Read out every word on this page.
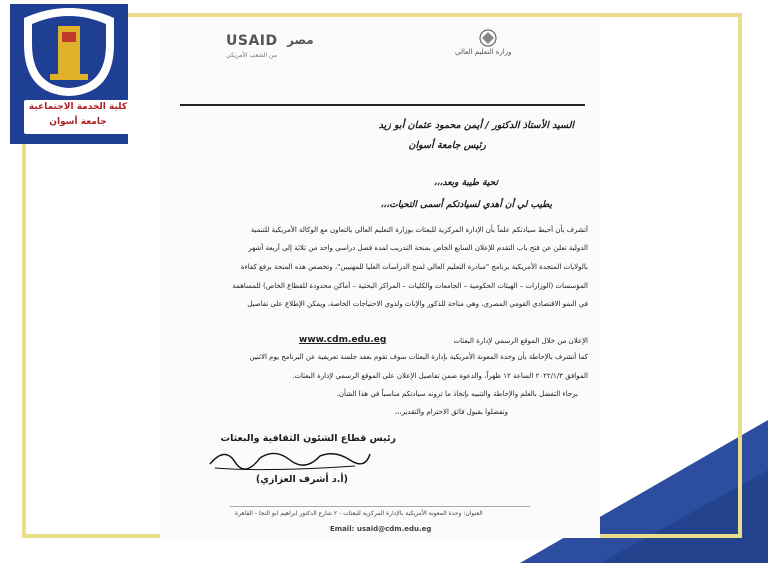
كلية الخدمة الاجتماعية
جامعة أسوان
USAID مصر
من الشعب الأمريكي	وزارة التعليم العالي
السيد الأستاذ الدكتور / أيمن محمود عثمان أبو زيد
رئيس جامعة أسوان
تحية طيبة وبعد،،،
يطيب لي أن أهدي لسيادتكم أسمى التحيات،،،
أتشرف بأن أحيط سيادتكم علماً بأن الإدارة المركزية للبعثات بوزارة التعليم العالي بالتعاون مع الوكالة الأمريكية للتنمية
الدولية تعلن عن فتح باب التقدم للإعلان السابع الخاص بمنحة التدريب لمدة فصل دراسي واحد من ثلاثة إلى أربعة أشهر
بالولايات المتحدة الأمريكية برنامج "مبادرة التعليم العالي لمنح الدراسات العليا للمهنيين"، وتخصص هذه المنحة برفع كفاءة
المؤسسات (الوزارات – الهيئات الحكومية – الجامعات والكليات – المراكز البحثية – أماكن محدودة للقطاع الخاص) للمساهمة
في النمو الاقتصادي القومي المصري، وهي متاحة للذكور والإناث ولذوي الاحتياجات الخاصة، ويمكن الإطلاع على تفاصيل
الإعلان من خلال الموقع الرسمي لإدارة البعثات
www.cdm.edu.eg
كما أتشرف بالإحاطة بأن وحدة المعونة الأمريكية بإدارة البعثات سوف تقوم بعقد جلسة تعريفية عن البرنامج يوم الاثنين
الموافق ٢٠٢٢/١/٣ الساعة ١٢ ظهراً، والدعوة ضمن تفاصيل الإعلان على الموقع الرسمي لإدارة البعثات.
برجاء التفضل بالعلم والإحاطة والتنبيه بإتخاذ ما ترونه سيادتكم مناسباً في هذا الشأن.
وتفضلوا بقبول فائق الاحترام والتقدير،،،
رئيس قطاع الشئون الثقافية والبعثات
(أ.د أشرف العزازي)
العنوان: وحدة المعونة الأمريكية بالإدارة المركزية للبعثات - ٢ شارع الدكتور ابراهيم ابو النجا - القاهرة
Email: usaid@cdm.edu.eg
